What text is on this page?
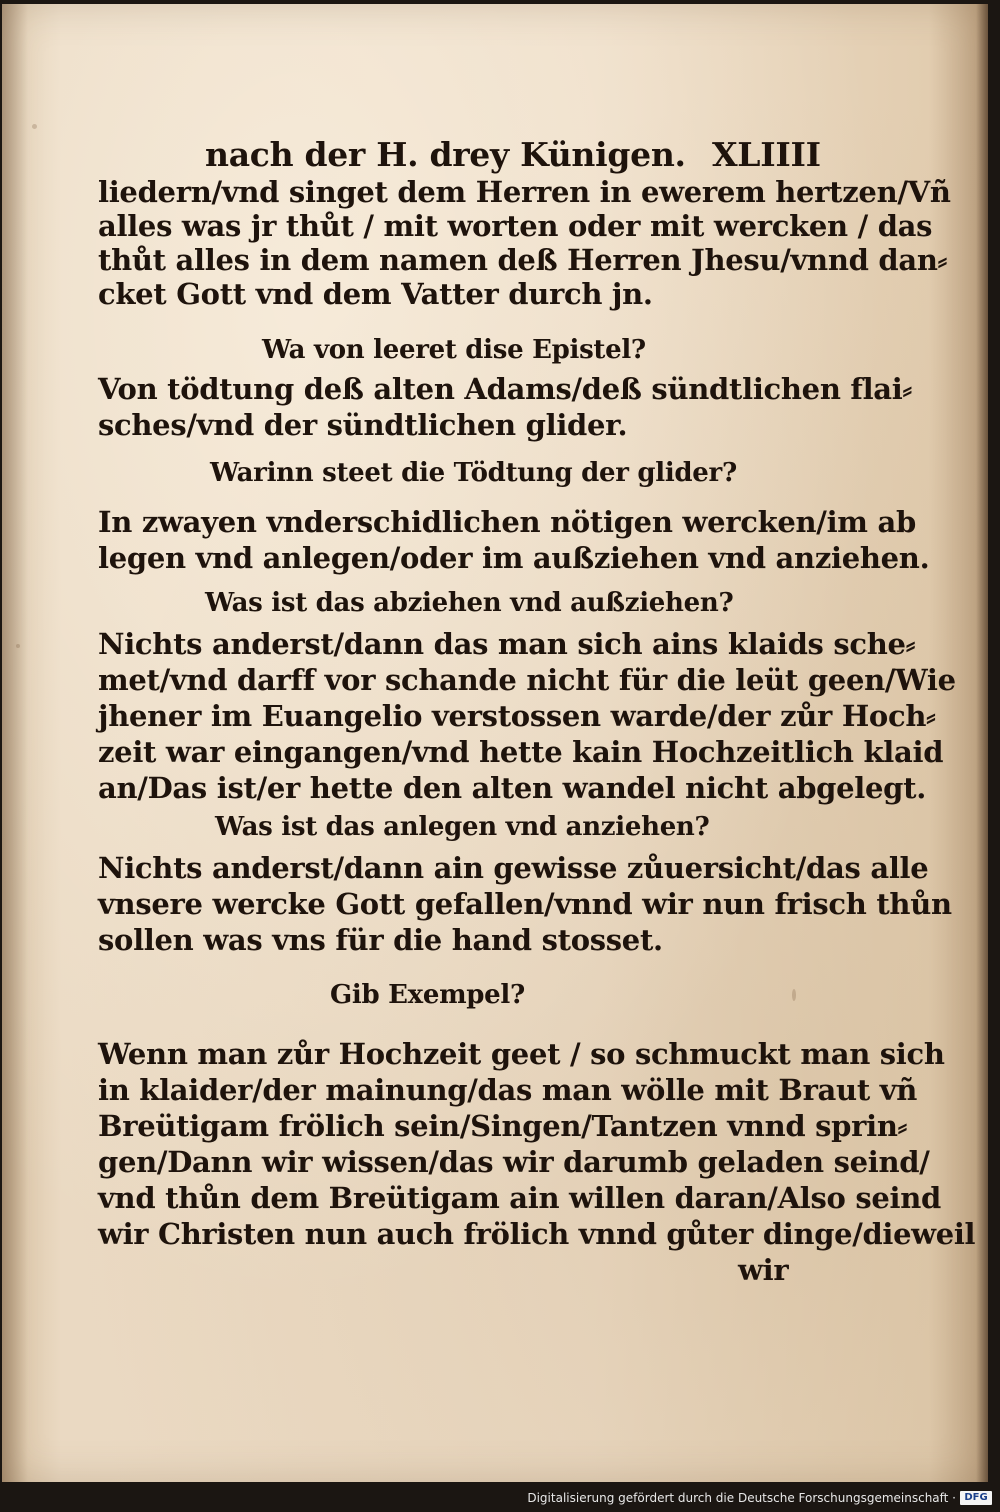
nach der H. drey Künigen. XLIIII
liedern/vnd singet dem Herren in ewerem hertzen/Vñ
alles was jr thůt / mit worten oder mit wercken / das
thůt alles in dem namen deß Herren Jhesu/vnnd dan⸗
cket Gott vnd dem Vatter durch jn.
Wa von leeret dise Epistel?
Von tödtung deß alten Adams/deß sündtlichen flai⸗
sches/vnd der sündtlichen glider.
Warinn steet die Tödtung der glider?
In zwayen vnderschidlichen nötigen wercken/im ab
legen vnd anlegen/oder im außziehen vnd anziehen.
Was ist das abziehen vnd außziehen?
Nichts anderst/dann das man sich ains klaids sche⸗
met/vnd darff vor schande nicht für die leüt geen/Wie
jhener im Euangelio verstossen warde/der zůr Hoch⸗
zeit war eingangen/vnd hette kain Hochzeitlich klaid
an/Das ist/er hette den alten wandel nicht abgelegt.
Was ist das anlegen vnd anziehen?
Nichts anderst/dann ain gewisse zůuersicht/das alle
vnsere wercke Gott gefallen/vnnd wir nun frisch thůn
sollen was vns für die hand stosset.
Gib Exempel?
Wenn man zůr Hochzeit geet / so schmuckt man sich
in klaider/der mainung/das man wölle mit Braut vñ
Breütigam frölich sein/Singen/Tantzen vnnd sprin⸗
gen/Dann wir wissen/das wir darumb geladen seind/
vnd thůn dem Breütigam ain willen daran/Also seind
wir Christen nun auch frölich vnnd gůter dinge/dieweil
wir
Digitalisierung gefördert durch die Deutsche Forschungsgemeinschaft · DFG
